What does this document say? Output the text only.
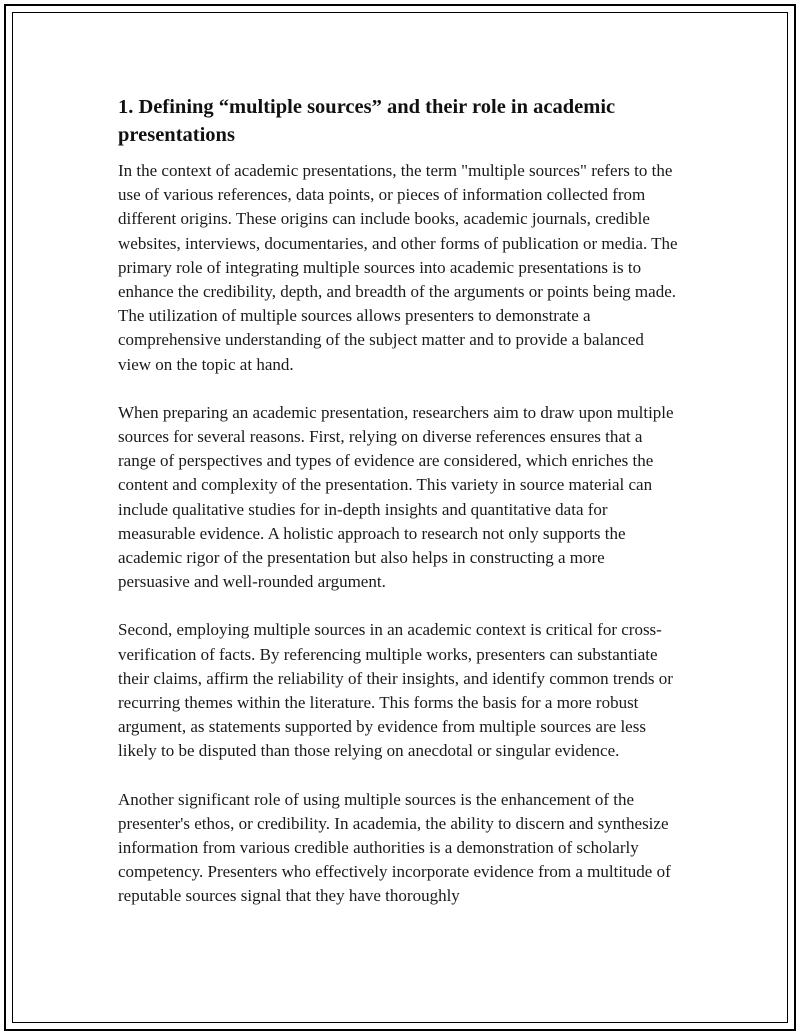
1. Defining “multiple sources” and their role in academic presentations

In the context of academic presentations, the term "multiple sources" refers to the use of various references, data points, or pieces of information collected from different origins. These origins can include books, academic journals, credible websites, interviews, documentaries, and other forms of publication or media. The primary role of integrating multiple sources into academic presentations is to enhance the credibility, depth, and breadth of the arguments or points being made. The utilization of multiple sources allows presenters to demonstrate a comprehensive understanding of the subject matter and to provide a balanced view on the topic at hand.

When preparing an academic presentation, researchers aim to draw upon multiple sources for several reasons. First, relying on diverse references ensures that a range of perspectives and types of evidence are considered, which enriches the content and complexity of the presentation. This variety in source material can include qualitative studies for in-depth insights and quantitative data for measurable evidence. A holistic approach to research not only supports the academic rigor of the presentation but also helps in constructing a more persuasive and well-rounded argument.

Second, employing multiple sources in an academic context is critical for cross-verification of facts. By referencing multiple works, presenters can substantiate their claims, affirm the reliability of their insights, and identify common trends or recurring themes within the literature. This forms the basis for a more robust argument, as statements supported by evidence from multiple sources are less likely to be disputed than those relying on anecdotal or singular evidence.

Another significant role of using multiple sources is the enhancement of the presenter's ethos, or credibility. In academia, the ability to discern and synthesize information from various credible authorities is a demonstration of scholarly competency. Presenters who effectively incorporate evidence from a multitude of reputable sources signal that they have thoroughly
